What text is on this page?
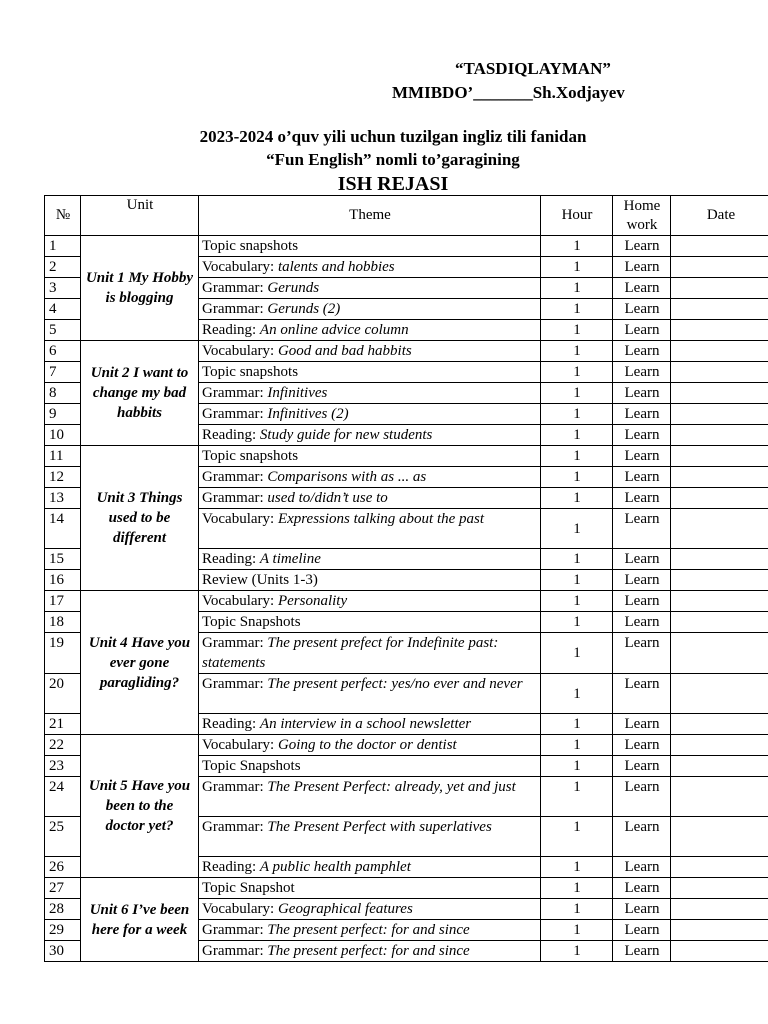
“TASDIQLAYMAN”
MMIBDO’_______Sh.Xodjayev
2023-2024 o’quv yili uchun tuzilgan ingliz tili fanidan
“Fun English” nomli to’garagining
ISH REJASI
№	Unit	Theme	Hour	Home work	Date
1	Unit 1 My Hobby is blogging	Topic snapshots	1	Learn	
2		Vocabulary: talents and hobbies	1	Learn	
3		Grammar: Gerunds	1	Learn	
4		Grammar: Gerunds (2)	1	Learn	
5		Reading: An online advice column	1	Learn	
6	Unit 2 I want to change my bad habbits	Vocabulary: Good and bad habbits	1	Learn	
7		Topic snapshots	1	Learn	
8		Grammar: Infinitives	1	Learn	
9		Grammar: Infinitives (2)	1	Learn	
10		Reading: Study guide for new students	1	Learn	
11	Unit 3 Things used to be different	Topic snapshots	1	Learn	
12		Grammar: Comparisons with as ... as	1	Learn	
13		Grammar: used to/didn’t use to	1	Learn	
14		Vocabulary: Expressions talking about the past	1	Learn	
15		Reading: A timeline	1	Learn	
16		Review (Units 1-3)	1	Learn	
17	Unit 4 Have you ever gone paragliding?	Vocabulary: Personality	1	Learn	
18		Topic Snapshots	1	Learn	
19		Grammar: The present prefect for Indefinite past: statements	1	Learn	
20		Grammar: The present perfect: yes/no ever and never	1	Learn	
21		Reading: An interview in a school newsletter	1	Learn	
22	Unit 5 Have you been to the doctor yet?	Vocabulary: Going to the doctor or dentist	1	Learn	
23		Topic Snapshots	1	Learn	
24		Grammar: The Present Perfect: already, yet and just	1	Learn	
25		Grammar: The Present Perfect with superlatives	1	Learn	
26		Reading: A public health pamphlet	1	Learn	
27	Unit 6 I’ve been here for a week	Topic Snapshot	1	Learn	
28		Vocabulary: Geographical features	1	Learn	
29		Grammar: The present perfect: for and since	1	Learn	
30		Grammar: The present perfect: for and since	1	Learn	
